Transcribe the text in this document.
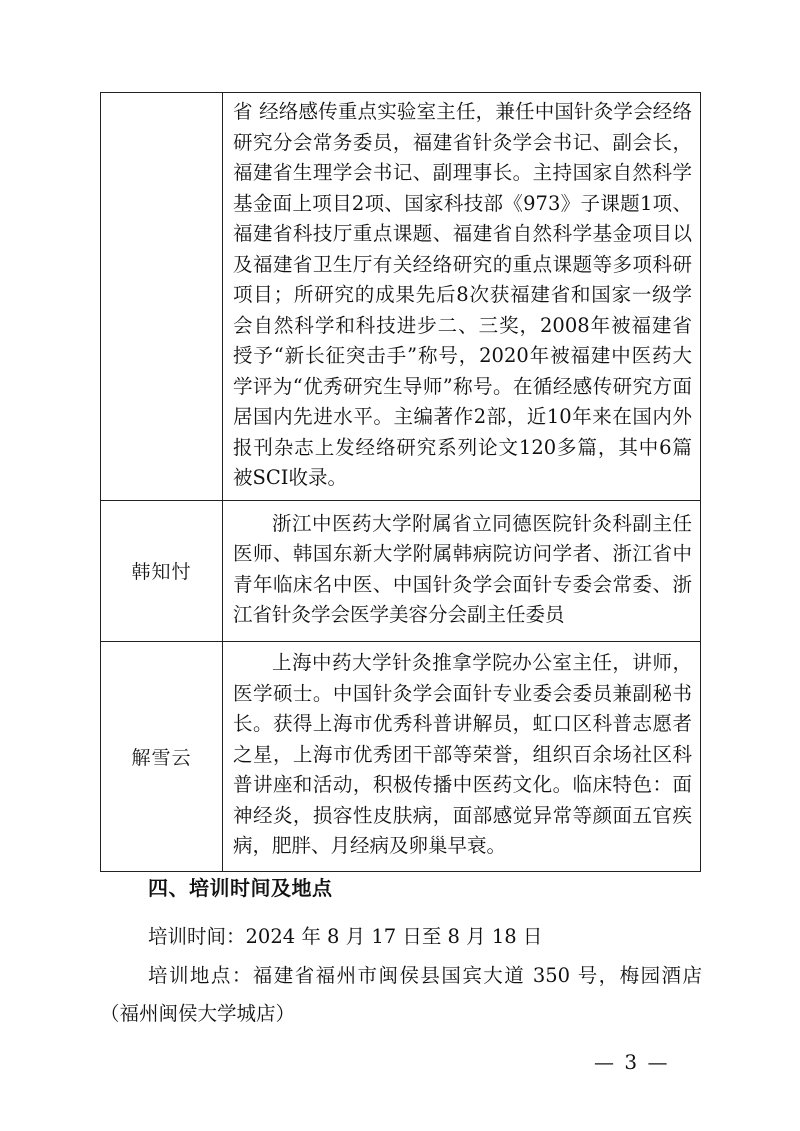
	省 经络感传重点实验室主任，兼任中国针灸学会经络研究分会常务委员，福建省针灸学会书记、副会长，福建省生理学会书记、副理事长。主持国家自然科学基金面上项目2项、国家科技部《973》子课题1项、福建省科技厅重点课题、福建省自然科学基金项目以及福建省卫生厅有关经络研究的重点课题等多项科研项目；所研究的成果先后8次获福建省和国家一级学会自然科学和科技进步二、三奖，2008年被福建省授予“新长征突击手”称号，2020年被福建中医药大学评为“优秀研究生导师”称号。在循经感传研究方面居国内先进水平。主编著作2部，近10年来在国内外报刊杂志上发经络研究系列论文120多篇，其中6篇被SCI收录。

韩知忖	浙江中医药大学附属省立同德医院针灸科副主任医师、韩国东新大学附属韩病院访问学者、浙江省中青年临床名中医、中国针灸学会面针专委会常委、浙江省针灸学会医学美容分会副主任委员

解雪云	上海中药大学针灸推拿学院办公室主任，讲师，医学硕士。中国针灸学会面针专业委会委员兼副秘书长。获得上海市优秀科普讲解员，虹口区科普志愿者之星，上海市优秀团干部等荣誉，组织百余场社区科普讲座和活动，积极传播中医药文化。临床特色：面神经炎，损容性皮肤病，面部感觉异常等颜面五官疾病，肥胖、月经病及卵巢早衰。
四、培训时间及地点
培训时间：2024 年 8 月 17 日至 8 月 18 日
培训地点：福建省福州市闽侯县国宾大道 350 号，梅园酒店（福州闽侯大学城店）
— 3 —
